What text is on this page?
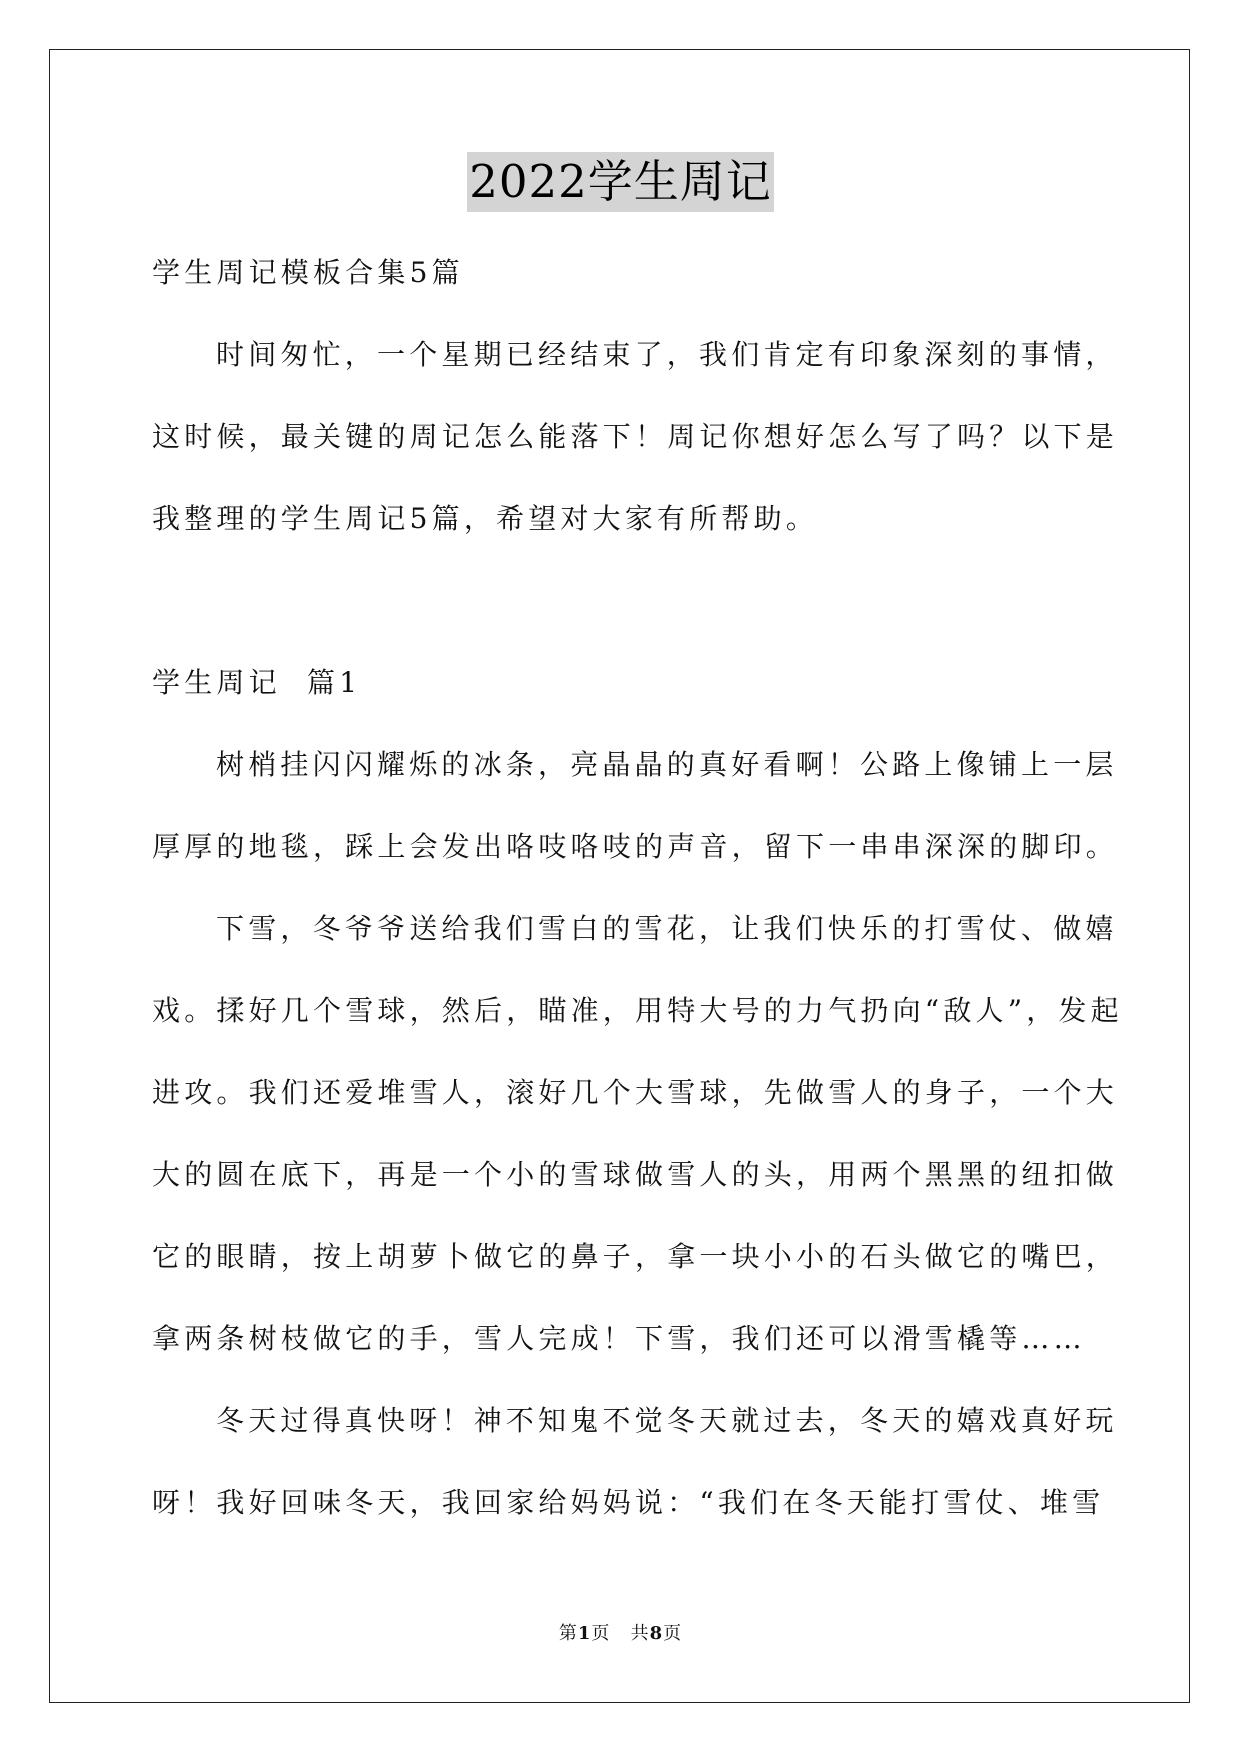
2022学生周记
学生周记模板合集5篇
时间匆忙，一个星期已经结束了，我们肯定有印象深刻的事情，
这时候，最关键的周记怎么能落下！周记你想好怎么写了吗？以下是
我整理的学生周记5篇，希望对大家有所帮助。
学生周记  篇1
树梢挂闪闪耀烁的冰条，亮晶晶的真好看啊！公路上像铺上一层
厚厚的地毯，踩上会发出咯吱咯吱的声音，留下一串串深深的脚印。
下雪，冬爷爷送给我们雪白的雪花，让我们快乐的打雪仗、做嬉
戏。揉好几个雪球，然后，瞄准，用特大号的力气扔向“敌人”，发起
进攻。我们还爱堆雪人，滚好几个大雪球，先做雪人的身子，一个大
大的圆在底下，再是一个小的雪球做雪人的头，用两个黑黑的纽扣做
它的眼睛，按上胡萝卜做它的鼻子，拿一块小小的石头做它的嘴巴，
拿两条树枝做它的手，雪人完成！下雪，我们还可以滑雪橇等……
冬天过得真快呀！神不知鬼不觉冬天就过去，冬天的嬉戏真好玩
呀！我好回味冬天，我回家给妈妈说：“我们在冬天能打雪仗、堆雪
第1页   共8页
